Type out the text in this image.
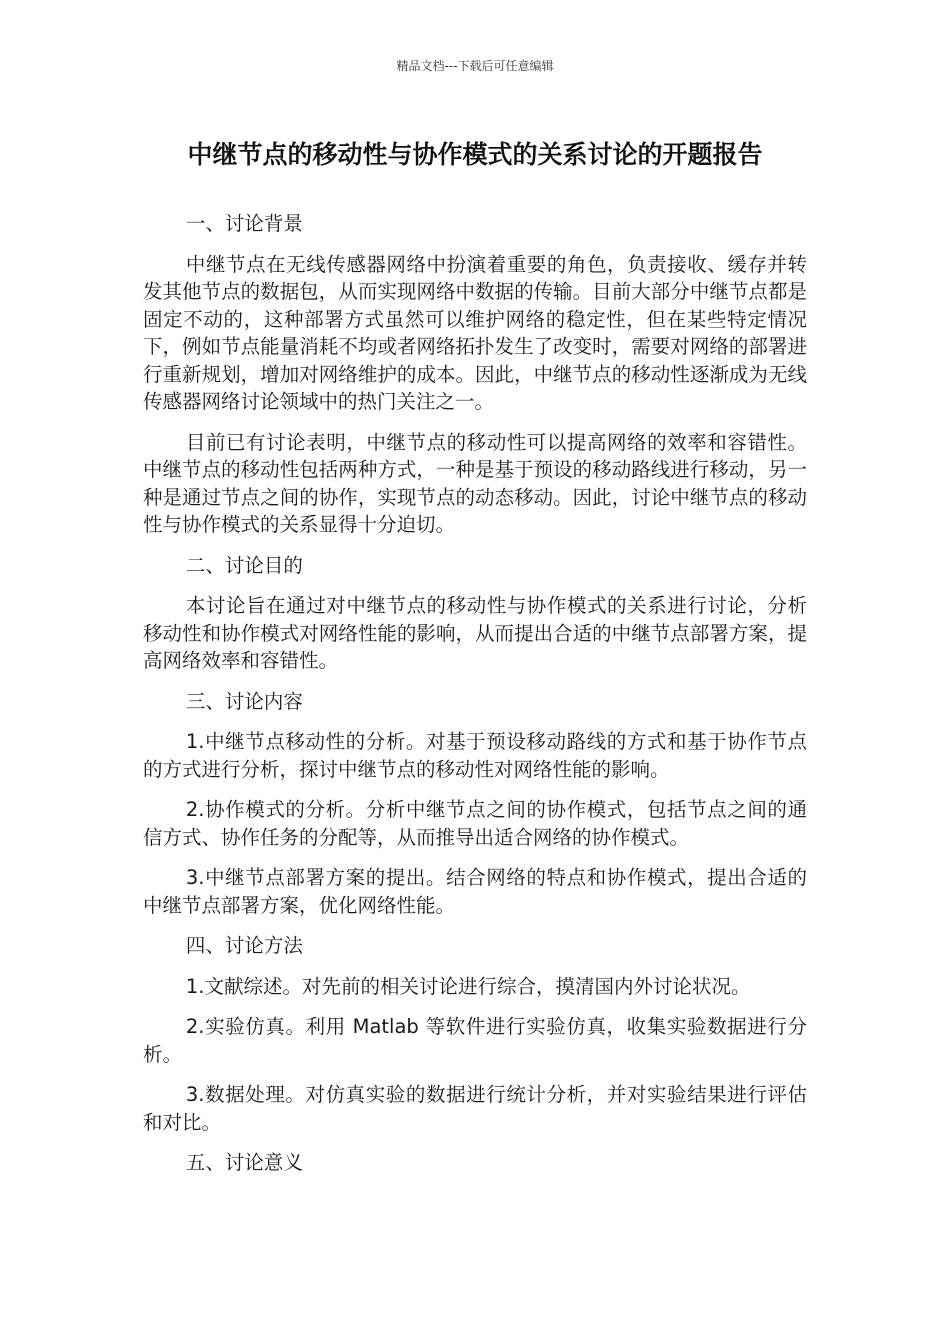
精品文档---下载后可任意编辑
中继节点的移动性与协作模式的关系讨论的开题报告

一、讨论背景

中继节点在无线传感器网络中扮演着重要的角色，负责接收、缓存并转发其他节点的数据包，从而实现网络中数据的传输。目前大部分中继节点都是固定不动的，这种部署方式虽然可以维护网络的稳定性，但在某些特定情况下，例如节点能量消耗不均或者网络拓扑发生了改变时，需要对网络的部署进行重新规划，增加对网络维护的成本。因此，中继节点的移动性逐渐成为无线传感器网络讨论领域中的热门关注之一。

目前已有讨论表明，中继节点的移动性可以提高网络的效率和容错性。中继节点的移动性包括两种方式，一种是基于预设的移动路线进行移动，另一种是通过节点之间的协作，实现节点的动态移动。因此，讨论中继节点的移动性与协作模式的关系显得十分迫切。

二、讨论目的

本讨论旨在通过对中继节点的移动性与协作模式的关系进行讨论，分析移动性和协作模式对网络性能的影响，从而提出合适的中继节点部署方案，提高网络效率和容错性。

三、讨论内容

1.中继节点移动性的分析。对基于预设移动路线的方式和基于协作节点的方式进行分析，探讨中继节点的移动性对网络性能的影响。

2.协作模式的分析。分析中继节点之间的协作模式，包括节点之间的通信方式、协作任务的分配等，从而推导出适合网络的协作模式。

3.中继节点部署方案的提出。结合网络的特点和协作模式，提出合适的中继节点部署方案，优化网络性能。

四、讨论方法

1.文献综述。对先前的相关讨论进行综合，摸清国内外讨论状况。

2.实验仿真。利用 Matlab 等软件进行实验仿真，收集实验数据进行分析。

3.数据处理。对仿真实验的数据进行统计分析，并对实验结果进行评估和对比。

五、讨论意义
